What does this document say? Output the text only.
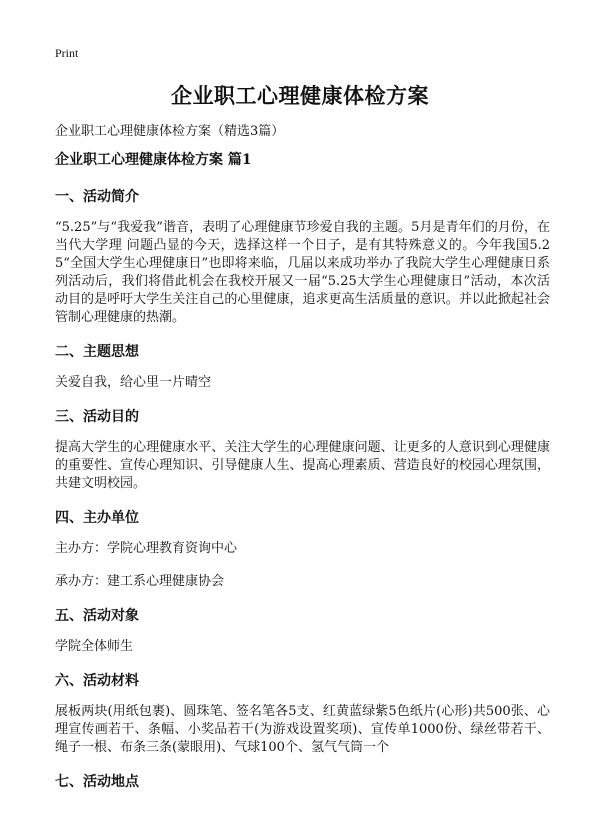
Print
企业职工心理健康体检方案
企业职工心理健康体检方案（精选3篇）
企业职工心理健康体检方案 篇1
一、活动简介

“5.25”与“我爱我”谐音，表明了心理健康节珍爱自我的主题。5月是青年们的月份，在当代大学理 问题凸显的今天，选择这样一个日子，是有其特殊意义的。今年我国5.25“全国大学生心理健康日”也即将来临，几届以来成功举办了我院大学生心理健康日系列活动后，我们将借此机会在我校开展又一届“5.25大学生心理健康日”活动，本次活动目的是呼吁大学生关注自己的心里健康，追求更高生活质量的意识。并以此掀起社会管制心理健康的热潮。

二、主题思想

关爱自我，给心里一片晴空

三、活动目的

提高大学生的心理健康水平、关注大学生的心理健康问题、让更多的人意识到心理健康的重要性、宣传心理知识、引导健康人生、提高心理素质、营造良好的校园心理氛围，共建文明校园。

四、主办单位

主办方：学院心理教育资询中心

承办方：建工系心理健康协会

五、活动对象

学院全体师生

六、活动材料

展板两块(用纸包裹)、圆珠笔、签名笔各5支、红黄蓝绿紫5色纸片(心形)共500张、心理宣传画若干、条幅、小奖品若干(为游戏设置奖项)、宣传单1000份、绿丝带若干、绳子一根、布条三条(蒙眼用)、气球100个、氢气气筒一个

七、活动地点
